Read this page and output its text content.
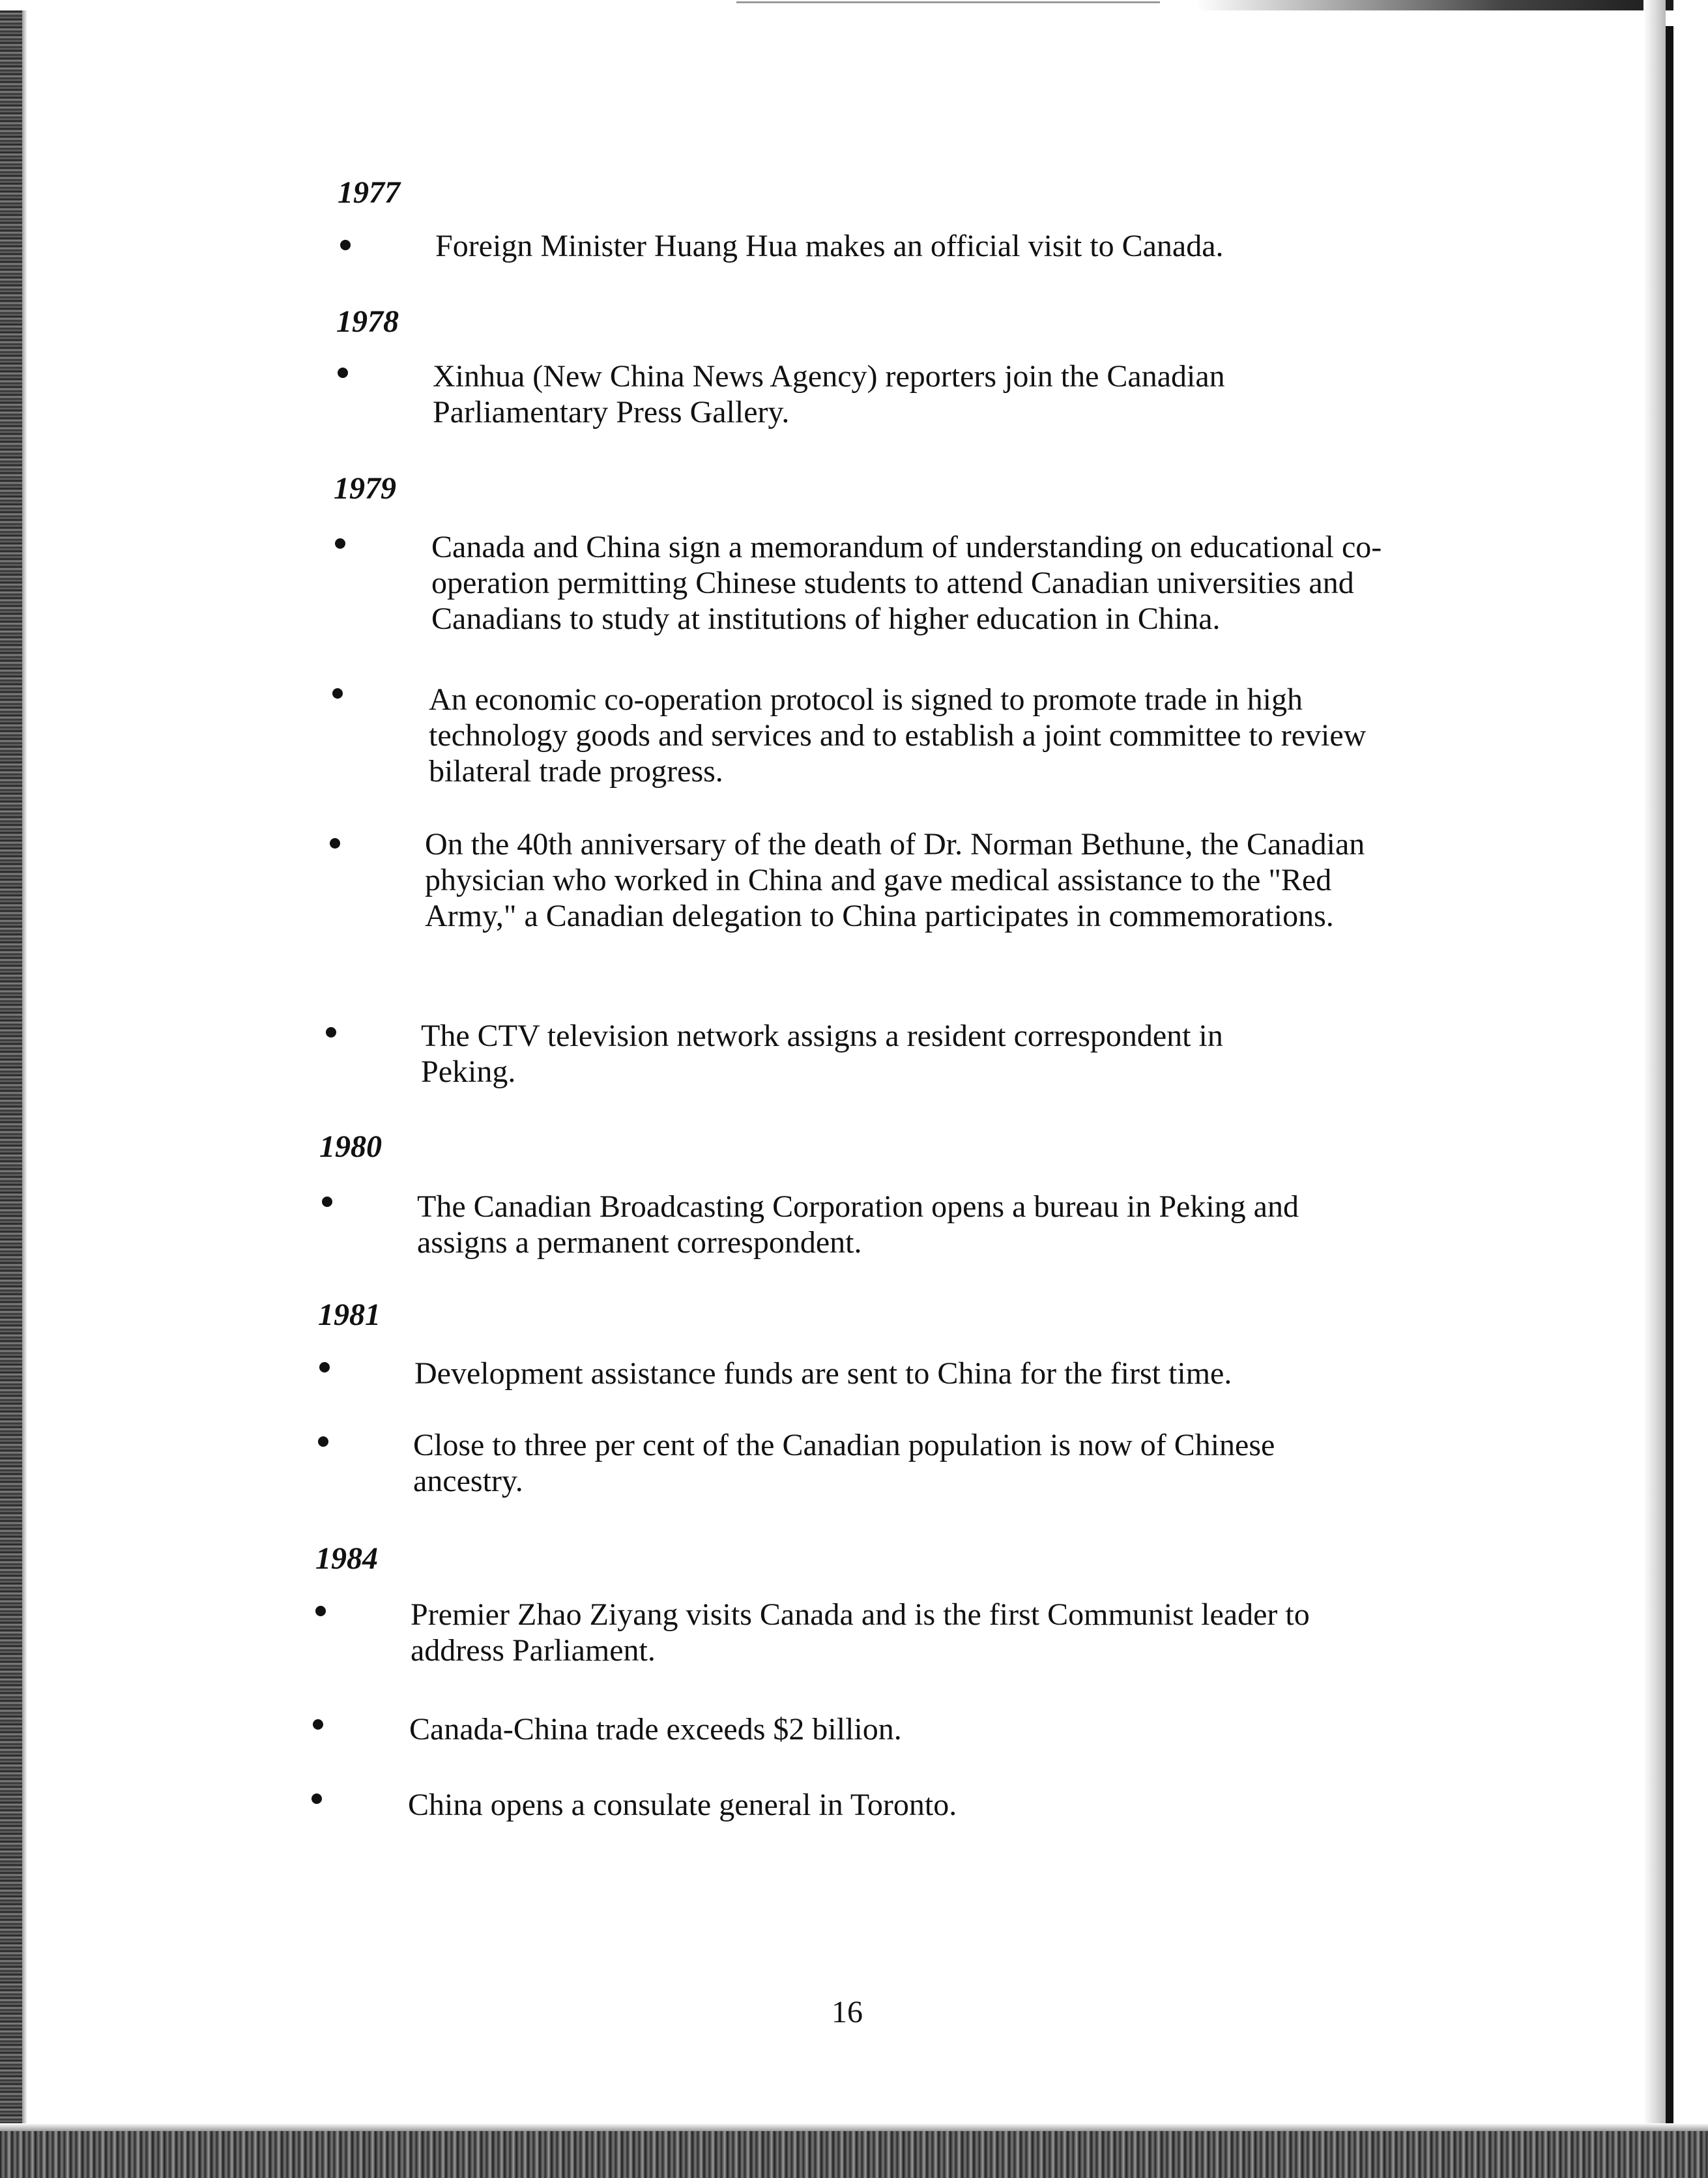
1977
Foreign Minister Huang Hua makes an official visit to Canada.
1978
Xinhua (New China News Agency) reporters join the Canadian Parliamentary Press Gallery.
1979
Canada and China sign a memorandum of understanding on educational co-operation permitting Chinese students to attend Canadian universities and Canadians to study at institutions of higher education in China.
An economic co-operation protocol is signed to promote trade in high technology goods and services and to establish a joint committee to review bilateral trade progress.
On the 40th anniversary of the death of Dr. Norman Bethune, the Canadian physician who worked in China and gave medical assistance to the "Red Army," a Canadian delegation to China participates in commemorations.
The CTV television network assigns a resident correspondent in Peking.
1980
The Canadian Broadcasting Corporation opens a bureau in Peking and assigns a permanent correspondent.
1981
Development assistance funds are sent to China for the first time.
Close to three per cent of the Canadian population is now of Chinese ancestry.
1984
Premier Zhao Ziyang visits Canada and is the first Communist leader to address Parliament.
Canada-China trade exceeds $2 billion.
China opens a consulate general in Toronto.
16
